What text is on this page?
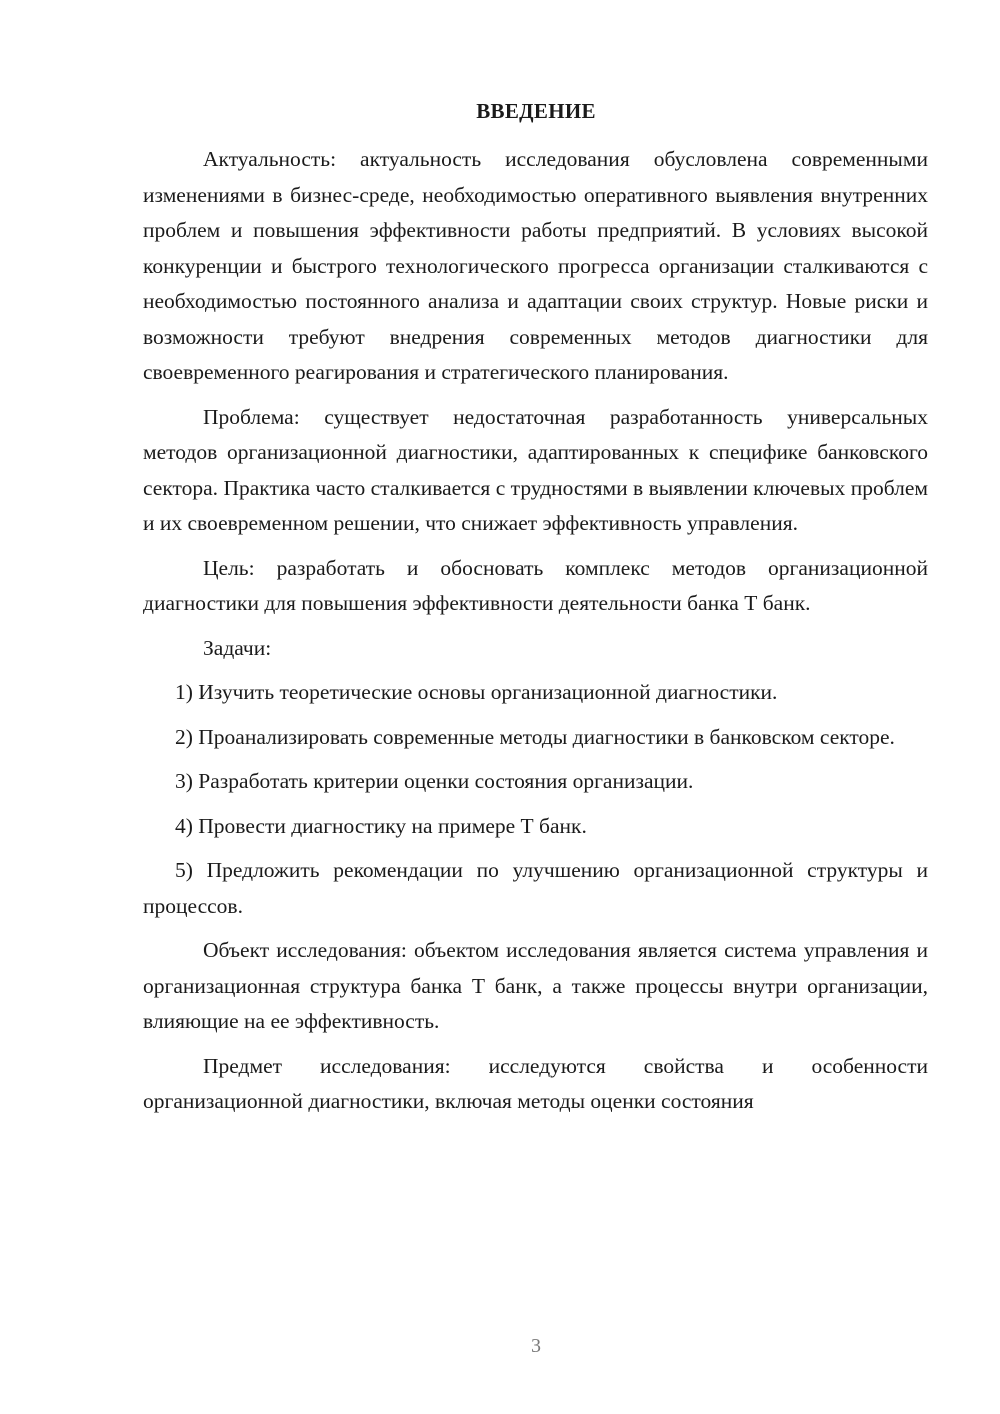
ВВЕДЕНИЕ

Актуальность: актуальность исследования обусловлена современными изменениями в бизнес-среде, необходимостью оперативного выявления внутренних проблем и повышения эффективности работы предприятий. В условиях высокой конкуренции и быстрого технологического прогресса организации сталкиваются с необходимостью постоянного анализа и адаптации своих структур. Новые риски и возможности требуют внедрения современных методов диагностики для своевременного реагирования и стратегического планирования.

Проблема: существует недостаточная разработанность универсальных методов организационной диагностики, адаптированных к специфике банковского сектора. Практика часто сталкивается с трудностями в выявлении ключевых проблем и их своевременном решении, что снижает эффективность управления.

Цель: разработать и обосновать комплекс методов организационной диагностики для повышения эффективности деятельности банка Т банк.

Задачи:

1) Изучить теоретические основы организационной диагностики.

2) Проанализировать современные методы диагностики в банковском секторе.

3) Разработать критерии оценки состояния организации.

4) Провести диагностику на примере Т банк.

5) Предложить рекомендации по улучшению организационной структуры и процессов.

Объект исследования: объектом исследования является система управления и организационная структура банка Т банк, а также процессы внутри организации, влияющие на ее эффективность.

Предмет исследования: исследуются свойства и особенности организационной диагностики, включая методы оценки состояния

3
